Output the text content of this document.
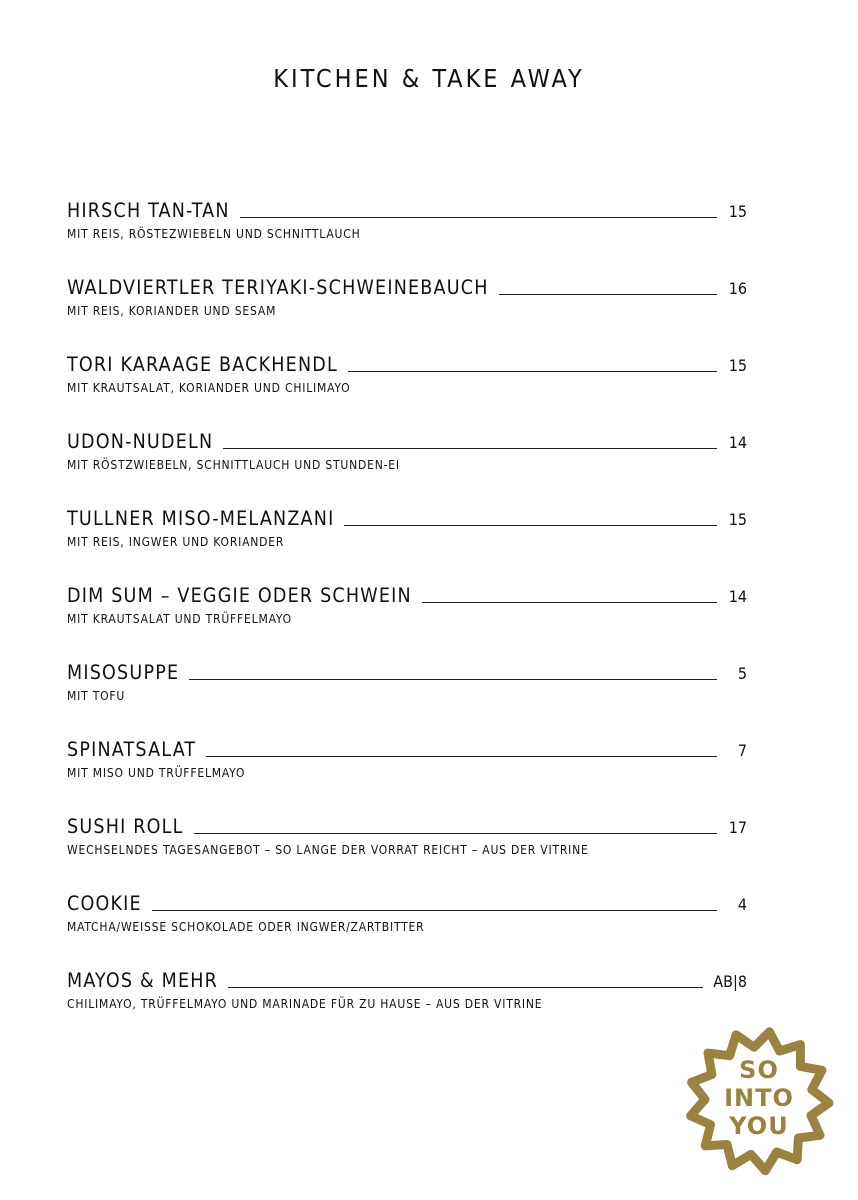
KITCHEN & TAKE AWAY
HIRSCH TAN-TAN	15
MIT REIS, RÖSTEZWIEBELN UND SCHNITTLAUCH
WALDVIERTLER TERIYAKI-SCHWEINEBAUCH	16
MIT REIS, KORIANDER UND SESAM
TORI KARAAGE BACKHENDL	15
MIT KRAUTSALAT, KORIANDER UND CHILIMAYO
UDON-NUDELN	14
MIT RÖSTZWIEBELN, SCHNITTLAUCH UND STUNDEN-EI
TULLNER MISO-MELANZANI	15
MIT REIS, INGWER UND KORIANDER
DIM SUM – VEGGIE ODER SCHWEIN	14
MIT KRAUTSALAT UND TRÜFFELMAYO
MISOSUPPE	5
MIT TOFU
SPINATSALAT	7
MIT MISO UND TRÜFFELMAYO
SUSHI ROLL	17
WECHSELNDES TAGESANGEBOT – SO LANGE DER VORRAT REICHT – AUS DER VITRINE
COOKIE	4
MATCHA/WEISSE SCHOKOLADE ODER INGWER/ZARTBITTER
MAYOS & MEHR	AB|8
CHILIMAYO, TRÜFFELMAYO UND MARINADE FÜR ZU HAUSE – AUS DER VITRINE
SO
INTO
YOU
